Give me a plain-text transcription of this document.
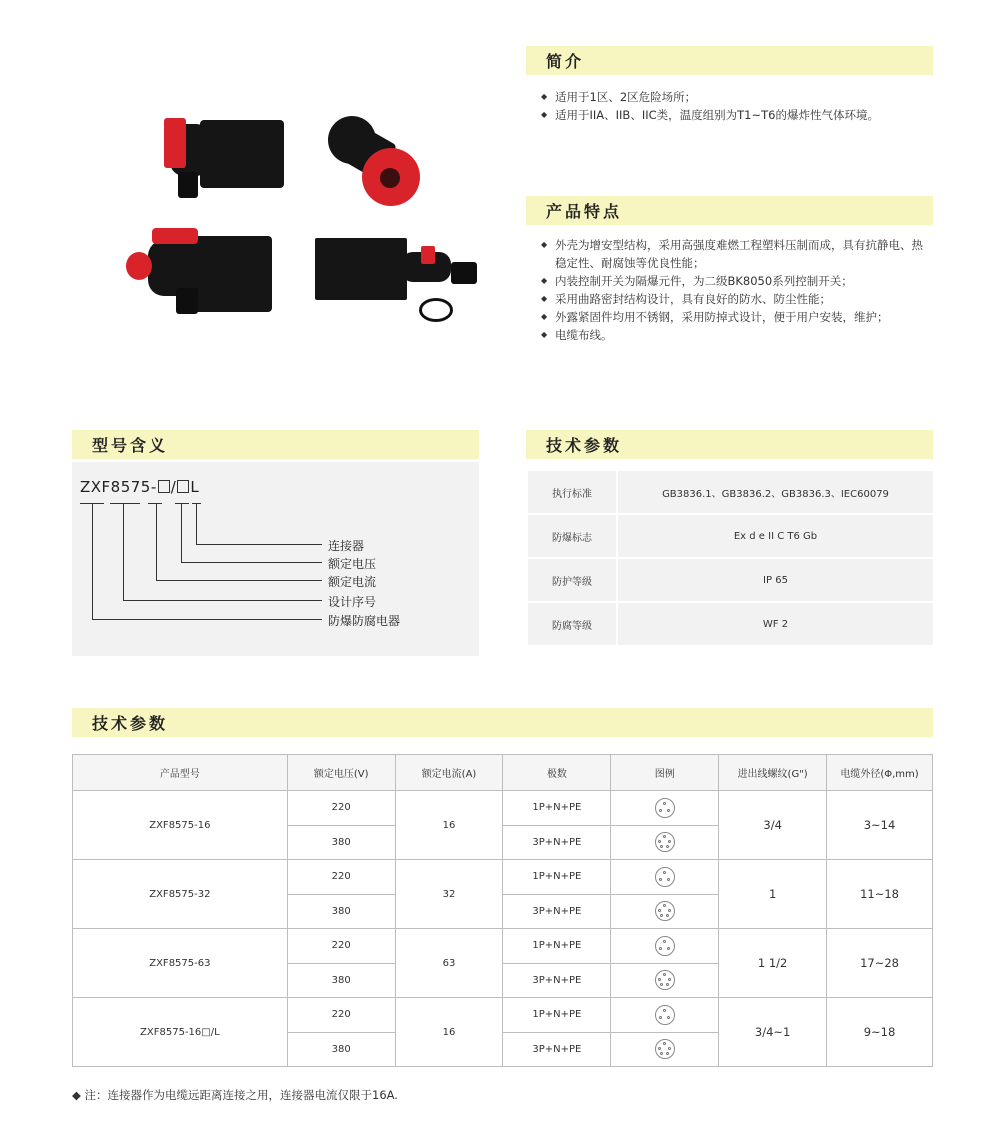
简介
◆ 适用于1区、2区危险场所；
◆ 适用于IIA、IIB、IIC类，温度组别为T1~T6的爆炸性气体环境。
产品特点
◆ 外壳为增安型结构，采用高强度难燃工程塑料压制而成，具有抗静电、热稳定性、耐腐蚀等优良性能；
◆ 内装控制开关为隔爆元件，为二级BK8050系列控制开关；
◆ 采用曲路密封结构设计，具有良好的防水、防尘性能；
◆ 外露紧固件均用不锈钢，采用防掉式设计，便于用户安装，维护；
◆ 电缆布线。
型号含义
ZXF8575- / L
连接器
额定电压
额定电流
设计序号
防爆防腐电器
技术参数
执行标准	GB3836.1、GB3836.2、GB3836.3、IEC60079
防爆标志	Ex d e II C T6 Gb
防护等级	IP 65
防腐等级	WF 2
技术参数
产品型号	额定电压(V)	额定电流(A)	极数	图例	进出线螺纹(G")	电缆外径(Φ,mm)
ZXF8575-16	220	16	1P+N+PE		3/4	3~14
	380		3P+N+PE			

ZXF8575-32	220	32	1P+N+PE		1	11~18
	380		3P+N+PE			

ZXF8575-63	220	63	1P+N+PE		1 1/2	17~28
	380		3P+N+PE			

ZXF8575-16□/L	220	16	1P+N+PE		3/4~1	9~18
	380		3P+N+PE			
◆ 注：连接器作为电缆远距离连接之用，连接器电流仅限于16A.
